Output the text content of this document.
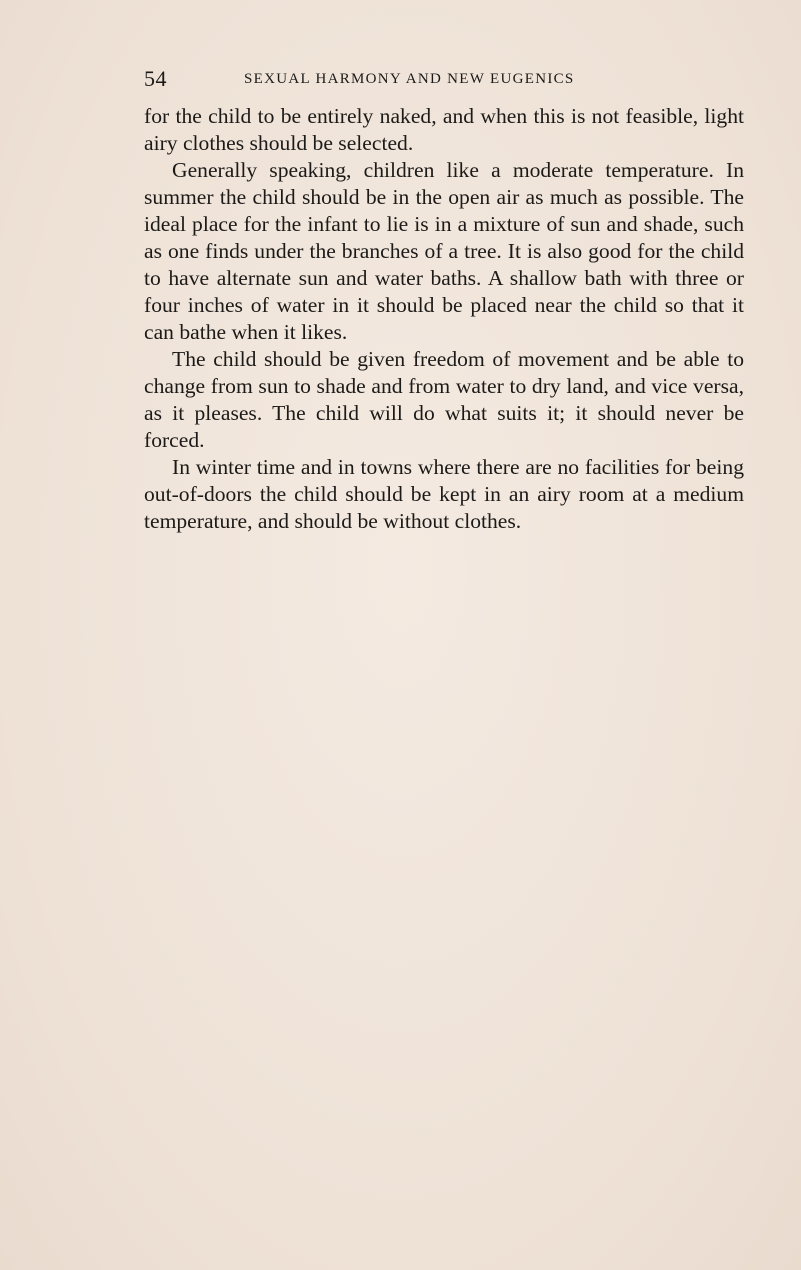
54	SEXUAL HARMONY AND NEW EUGENICS

for the child to be entirely naked, and when this is not feasible, light airy clothes should be selected.

Generally speaking, children like a moderate temperature. In summer the child should be in the open air as much as possible. The ideal place for the infant to lie is in a mixture of sun and shade, such as one finds under the branches of a tree. It is also good for the child to have alternate sun and water baths. A shallow bath with three or four inches of water in it should be placed near the child so that it can bathe when it likes.

The child should be given freedom of movement and be able to change from sun to shade and from water to dry land, and vice versa, as it pleases. The child will do what suits it; it should never be forced.

In winter time and in towns where there are no facilities for being out-of-doors the child should be kept in an airy room at a medium temperature, and should be without clothes.
